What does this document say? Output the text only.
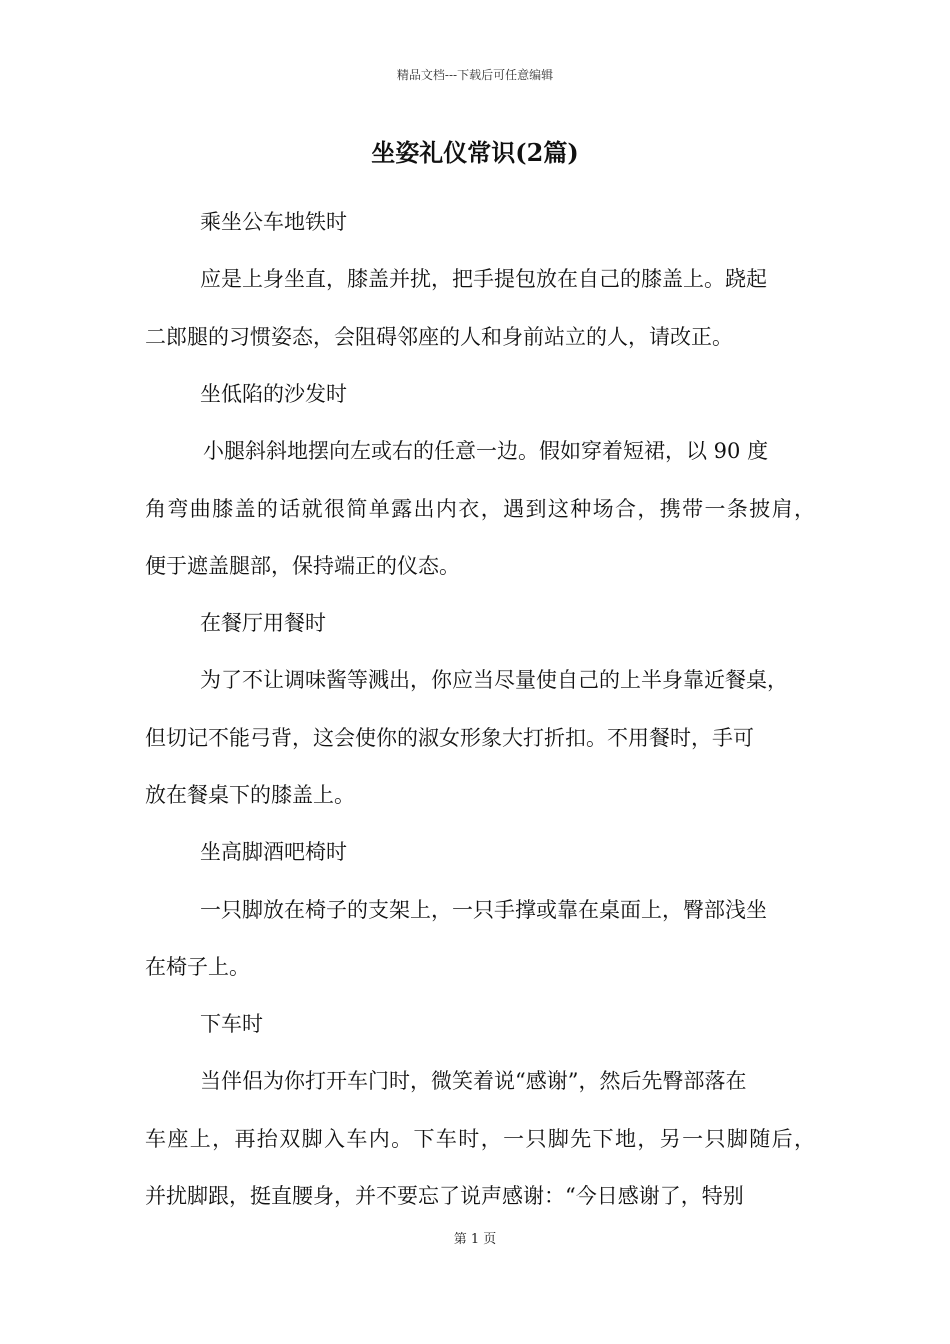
精品文档---下载后可任意编辑
坐姿礼仪常识(2篇)
乘坐公车地铁时
应是上身坐直，膝盖并扰，把手提包放在自己的膝盖上。跷起
二郎腿的习惯姿态，会阻碍邻座的人和身前站立的人，请改正。
坐低陷的沙发时
小腿斜斜地摆向左或右的任意一边。假如穿着短裙，以 90 度
角弯曲膝盖的话就很简单露出内衣，遇到这种场合，携带一条披肩，
便于遮盖腿部，保持端正的仪态。
在餐厅用餐时
为了不让调味酱等溅出，你应当尽量使自己的上半身靠近餐桌，
但切记不能弓背，这会使你的淑女形象大打折扣。不用餐时，手可
放在餐桌下的膝盖上。
坐高脚酒吧椅时
一只脚放在椅子的支架上，一只手撑或靠在桌面上，臀部浅坐
在椅子上。
下车时
当伴侣为你打开车门时，微笑着说“感谢”，然后先臀部落在
车座上，再抬双脚入车内。下车时，一只脚先下地，另一只脚随后，
并扰脚跟，挺直腰身，并不要忘了说声感谢：“今日感谢了，特别
第 1 页
